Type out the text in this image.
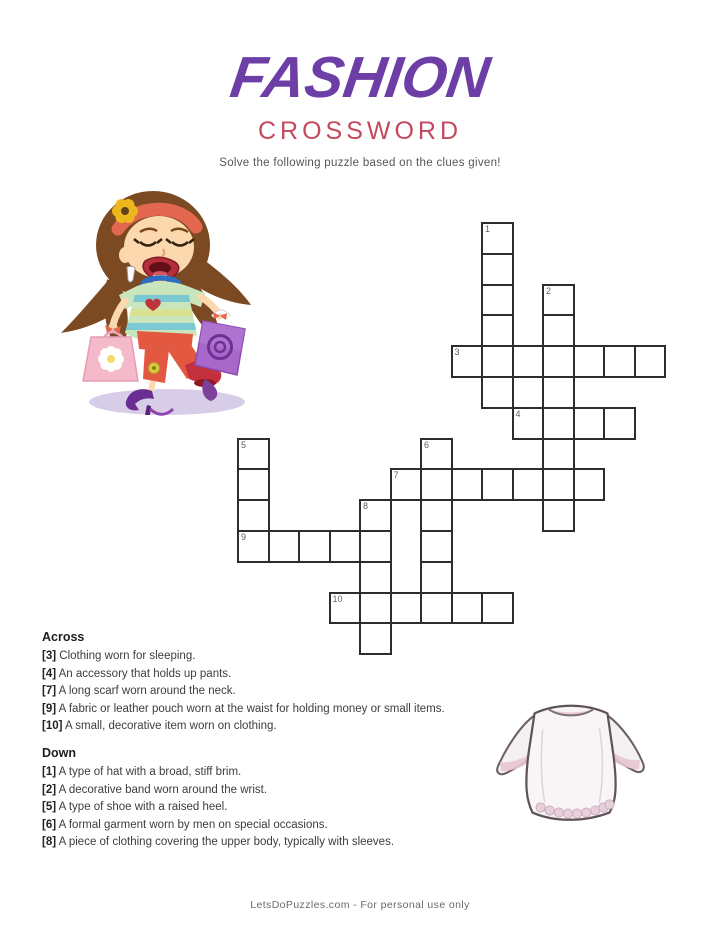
FASHION
CROSSWORD
Solve the following puzzle based on the clues given!
1
2
3
4
5
9
6
7
8
10
Across
[3] Clothing worn for sleeping.
[4] An accessory that holds up pants.
[7] A long scarf worn around the neck.
[9] A fabric or leather pouch worn at the waist for holding money or small items.
[10] A small, decorative item worn on clothing.
Down
[1] A type of hat with a broad, stiff brim.
[2] A decorative band worn around the wrist.
[5] A type of shoe with a raised heel.
[6] A formal garment worn by men on special occasions.
[8] A piece of clothing covering the upper body, typically with sleeves.
LetsDoPuzzles.com - For personal use only
